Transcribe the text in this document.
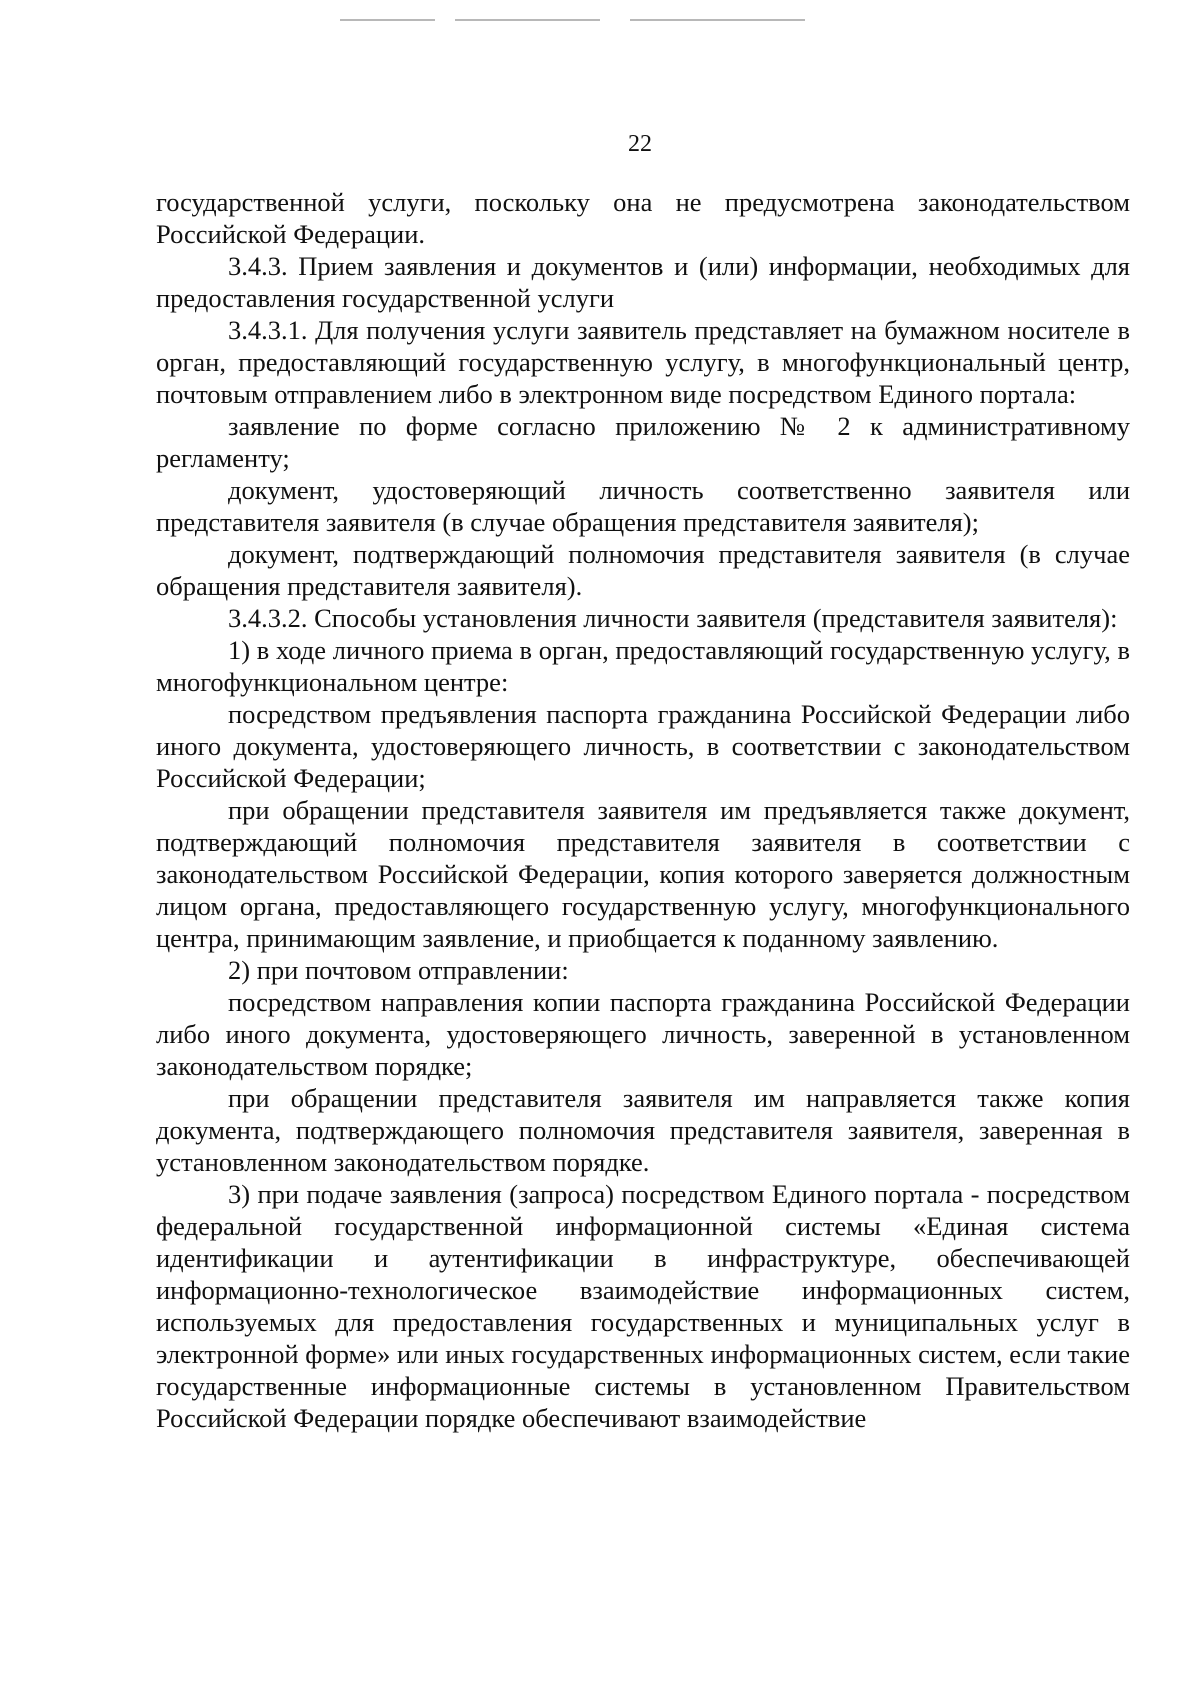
22

государственной услуги, поскольку она не предусмотрена законодательством Российской Федерации.

3.4.3. Прием заявления и документов и (или) информации, необходимых для предоставления государственной услуги

3.4.3.1. Для получения услуги заявитель представляет на бумажном носителе в орган, предоставляющий государственную услугу, в многофункциональный центр, почтовым отправлением либо в электронном виде посредством Единого портала:

заявление по форме согласно приложению № 2 к административному регламенту;

документ, удостоверяющий личность соответственно заявителя или представителя заявителя (в случае обращения представителя заявителя);

документ, подтверждающий полномочия представителя заявителя (в случае обращения представителя заявителя).

3.4.3.2. Способы установления личности заявителя (представителя заявителя):

1) в ходе личного приема в орган, предоставляющий государственную услугу, в многофункциональном центре:

посредством предъявления паспорта гражданина Российской Федерации либо иного документа, удостоверяющего личность, в соответствии с законодательством Российской Федерации;

при обращении представителя заявителя им предъявляется также документ, подтверждающий полномочия представителя заявителя в соответствии с законодательством Российской Федерации, копия которого заверяется должностным лицом органа, предоставляющего государственную услугу, многофункционального центра, принимающим заявление, и приобщается к поданному заявлению.

2) при почтовом отправлении:

посредством направления копии паспорта гражданина Российской Федерации либо иного документа, удостоверяющего личность, заверенной в установленном законодательством порядке;

при обращении представителя заявителя им направляется также копия документа, подтверждающего полномочия представителя заявителя, заверенная в установленном законодательством порядке.

3) при подаче заявления (запроса) посредством Единого портала - посредством федеральной государственной информационной системы «Единая система идентификации и аутентификации в инфраструктуре, обеспечивающей информационно-технологическое взаимодействие информационных систем, используемых для предоставления государственных и муниципальных услуг в электронной форме» или иных государственных информационных систем, если такие государственные информационные системы в установленном Правительством Российской Федерации порядке обеспечивают взаимодействие
